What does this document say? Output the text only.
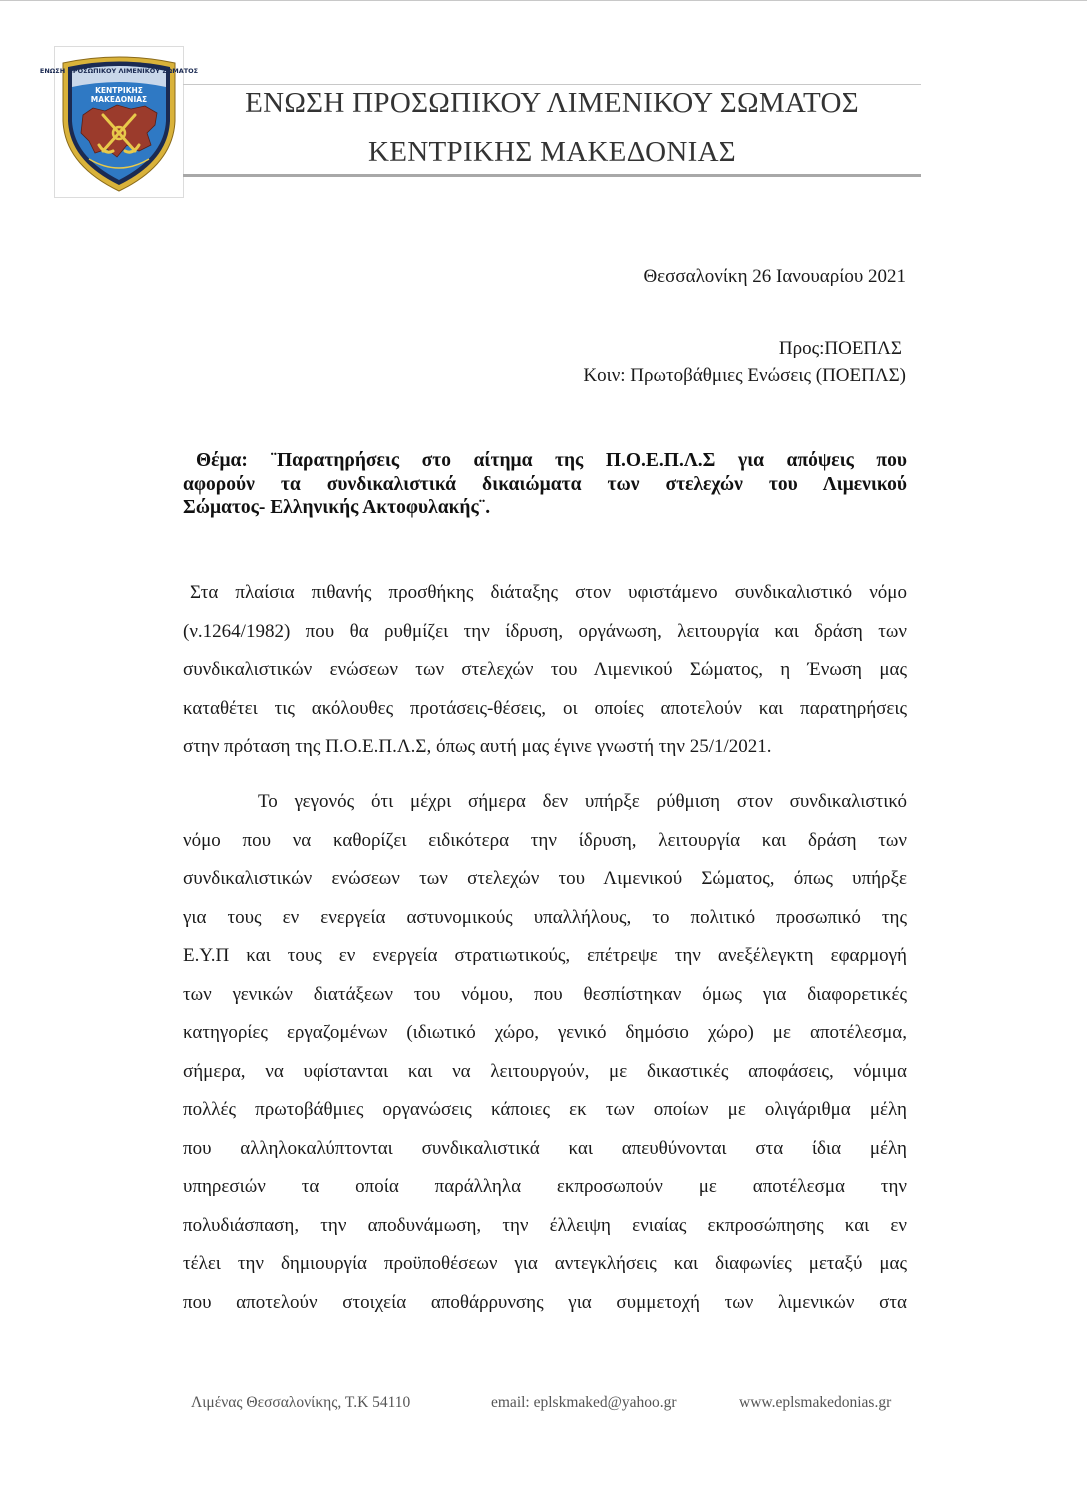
ΕΝΩΣΗ ΠΡΟΣΩΠΙΚΟΥ ΛΙΜΕΝΙΚΟΥ ΣΩΜΑΤΟΣ
ΚΕΝΤΡΙΚΗΣ
ΜΑΚΕΔΟΝΙΑΣ	ΕΝΩΣΗ ΠΡΟΣΩΠΙΚΟΥ ΛΙΜΕΝΙΚΟΥ ΣΩΜΑΤΟΣ
ΚΕΝΤΡΙΚΗΣ ΜΑΚΕΔΟΝΙΑΣ
Θεσσαλονίκη 26 Ιανουαρίου 2021
Προς:ΠΟΕΠΛΣ
Κοιν: Πρωτοβάθμιες Ενώσεις (ΠΟΕΠΛΣ)
Θέμα: ¨Παρατηρήσεις στο αίτημα της Π.Ο.Ε.Π.Λ.Σ για απόψεις που
αφορούν τα συνδικαλιστικά δικαιώματα των στελεχών του Λιμενικού
Σώματος- Ελληνικής Ακτοφυλακής¨.
Στα πλαίσια πιθανής προσθήκης διάταξης στον υφιστάμενο συνδικαλιστικό νόμο
(ν.1264/1982) που θα ρυθμίζει την ίδρυση, οργάνωση, λειτουργία και δράση των
συνδικαλιστικών ενώσεων των στελεχών του Λιμενικού Σώματος, η Ένωση μας
καταθέτει τις ακόλουθες προτάσεις-θέσεις, οι οποίες αποτελούν και παρατηρήσεις
στην πρόταση της Π.Ο.Ε.Π.Λ.Σ, όπως αυτή μας έγινε γνωστή την 25/1/2021.
Το γεγονός ότι μέχρι σήμερα δεν υπήρξε ρύθμιση στον συνδικαλιστικό
νόμο που να καθορίζει ειδικότερα την ίδρυση, λειτουργία και δράση των
συνδικαλιστικών ενώσεων των στελεχών του Λιμενικού Σώματος, όπως υπήρξε
για τους εν ενεργεία αστυνομικούς υπαλλήλους, το πολιτικό προσωπικό της
Ε.Υ.Π και τους εν ενεργεία στρατιωτικούς, επέτρεψε την ανεξέλεγκτη εφαρμογή
των γενικών διατάξεων του νόμου, που θεσπίστηκαν όμως για διαφορετικές
κατηγορίες εργαζομένων (ιδιωτικό χώρο, γενικό δημόσιο χώρο) με αποτέλεσμα,
σήμερα, να υφίστανται και να λειτουργούν, με δικαστικές αποφάσεις, νόμιμα
πολλές πρωτοβάθμιες οργανώσεις κάποιες εκ των οποίων με ολιγάριθμα μέλη
που αλληλοκαλύπτονται συνδικαλιστικά και απευθύνονται στα ίδια μέλη
υπηρεσιών τα οποία παράλληλα εκπροσωπούν με αποτέλεσμα την
πολυδιάσπαση, την αποδυνάμωση, την έλλειψη ενιαίας εκπροσώπησης και εν
τέλει την δημιουργία προϋποθέσεων για αντεγκλήσεις και διαφωνίες μεταξύ μας
που αποτελούν στοιχεία αποθάρρυνσης για συμμετοχή των λιμενικών στα
Λιμένας Θεσσαλονίκης, Τ.Κ 54110	email: eplskmaked@yahoo.gr	www.eplsmakedonias.gr
